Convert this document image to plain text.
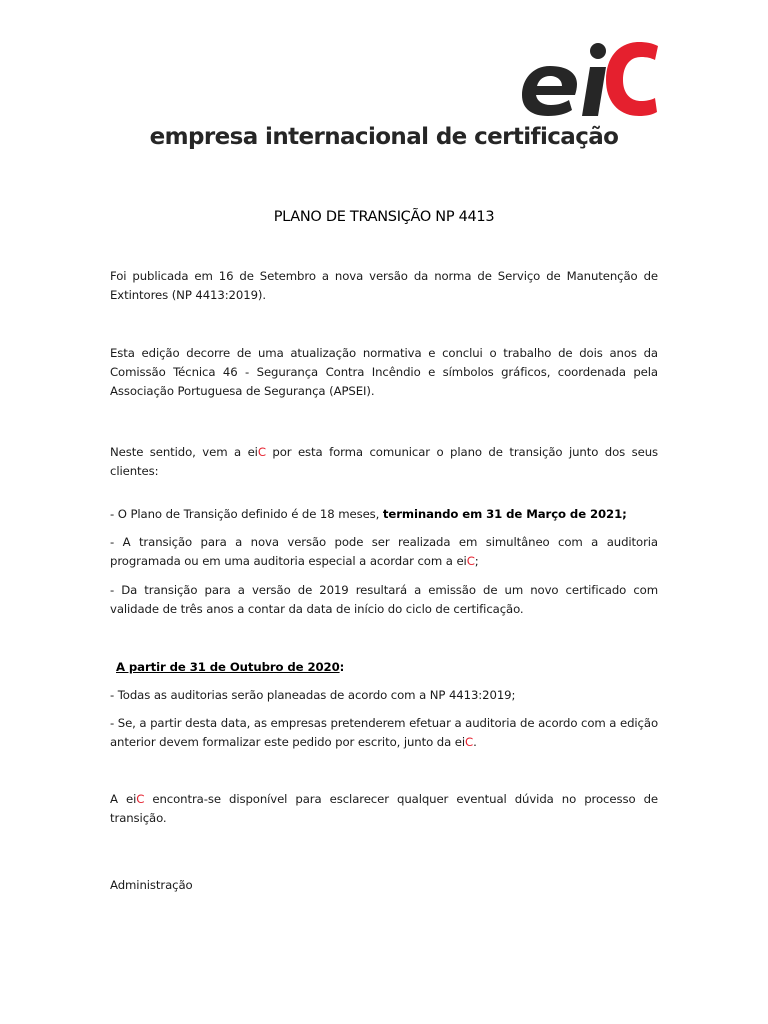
empresa internacional de certificação
PLANO DE TRANSIÇÃO NP 4413
Foi publicada em 16 de Setembro a nova versão da norma de Serviço de Manutenção de Extintores (NP 4413:2019).
Esta edição decorre de uma atualização normativa e conclui o trabalho de dois anos da Comissão Técnica 46 - Segurança Contra Incêndio e símbolos gráficos, coordenada pela Associação Portuguesa de Segurança (APSEI).
Neste sentido, vem a eiC por esta forma comunicar o plano de transição junto dos seus clientes:
- O Plano de Transição definido é de 18 meses, terminando em 31 de Março de 2021;
- A transição para a nova versão pode ser realizada em simultâneo com a auditoria programada ou em uma auditoria especial a acordar com a eiC;
- Da transição para a versão de 2019 resultará a emissão de um novo certificado com validade de três anos a contar da data de início do ciclo de certificação.
A partir de 31 de Outubro de 2020:
- Todas as auditorias serão planeadas de acordo com a NP 4413:2019;
- Se, a partir desta data, as empresas pretenderem efetuar a auditoria de acordo com a edição anterior devem formalizar este pedido por escrito, junto da eiC.
A eiC encontra-se disponível para esclarecer qualquer eventual dúvida no processo de transição.
Administração
